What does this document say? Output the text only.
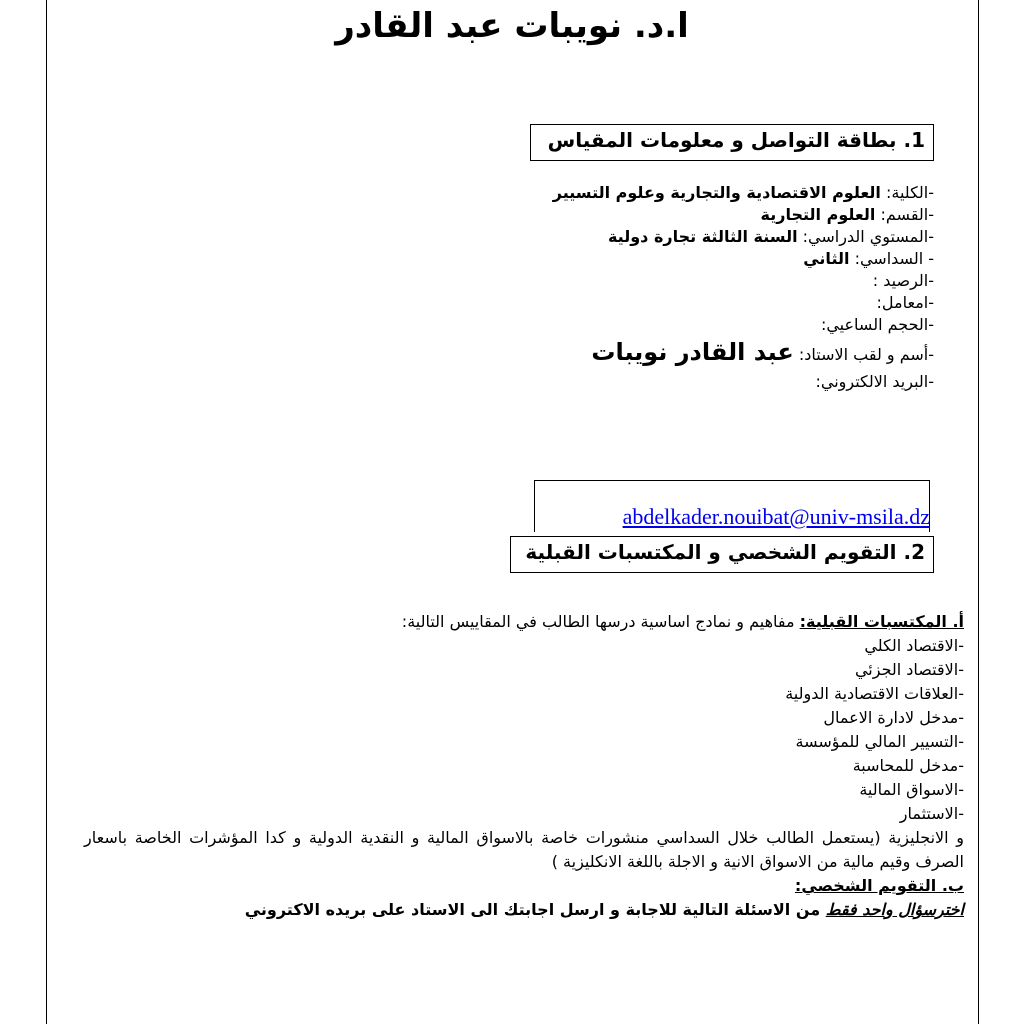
ا.د. نويبات عبد القادر
1. بطاقة التواصل و معلومات المقياس
-الكلية: العلوم الاقتصادية والتجارية وعلوم التسيير
-القسم: العلوم التجارية
-المستوي الدراسي: السنة الثالثة تجارة دولية
- السداسي: الثاني
-الرصيد :
-امعامل:
-الحجم الساعيي:
-أسم و لقب الاستاد: عبد القادر نويبات
-البريد الالكتروني:
abdelkader.nouibat@univ-msila.dz
2. التقويم الشخصي و المكتسبات القبلية
أ. المكتسبات القبلية: مفاهيم و نمادج اساسية درسها الطالب في المقاييس التالية:
-الاقتصاد الكلي
-الاقتصاد الجزئي
-العلاقات الاقتصادية الدولية
-مدخل لادارة الاعمال
-التسيير المالي للمؤسسة
-مدخل للمحاسبة
-الاسواق المالية
-الاستثمار
و الانجليزية (يستعمل الطالب خلال السداسي منشورات خاصة بالاسواق المالية و النقدية الدولية و كدا المؤشرات الخاصة باسعار الصرف وقيم مالية من الاسواق الانية و الاجلة باللغة الانكليزية )
ب. التقويم الشخصي:
اخترسؤال واحد فقط من الاسئلة التالية للاجابة و ارسل اجابتك الى الاستاد على بريده الاكتروني
